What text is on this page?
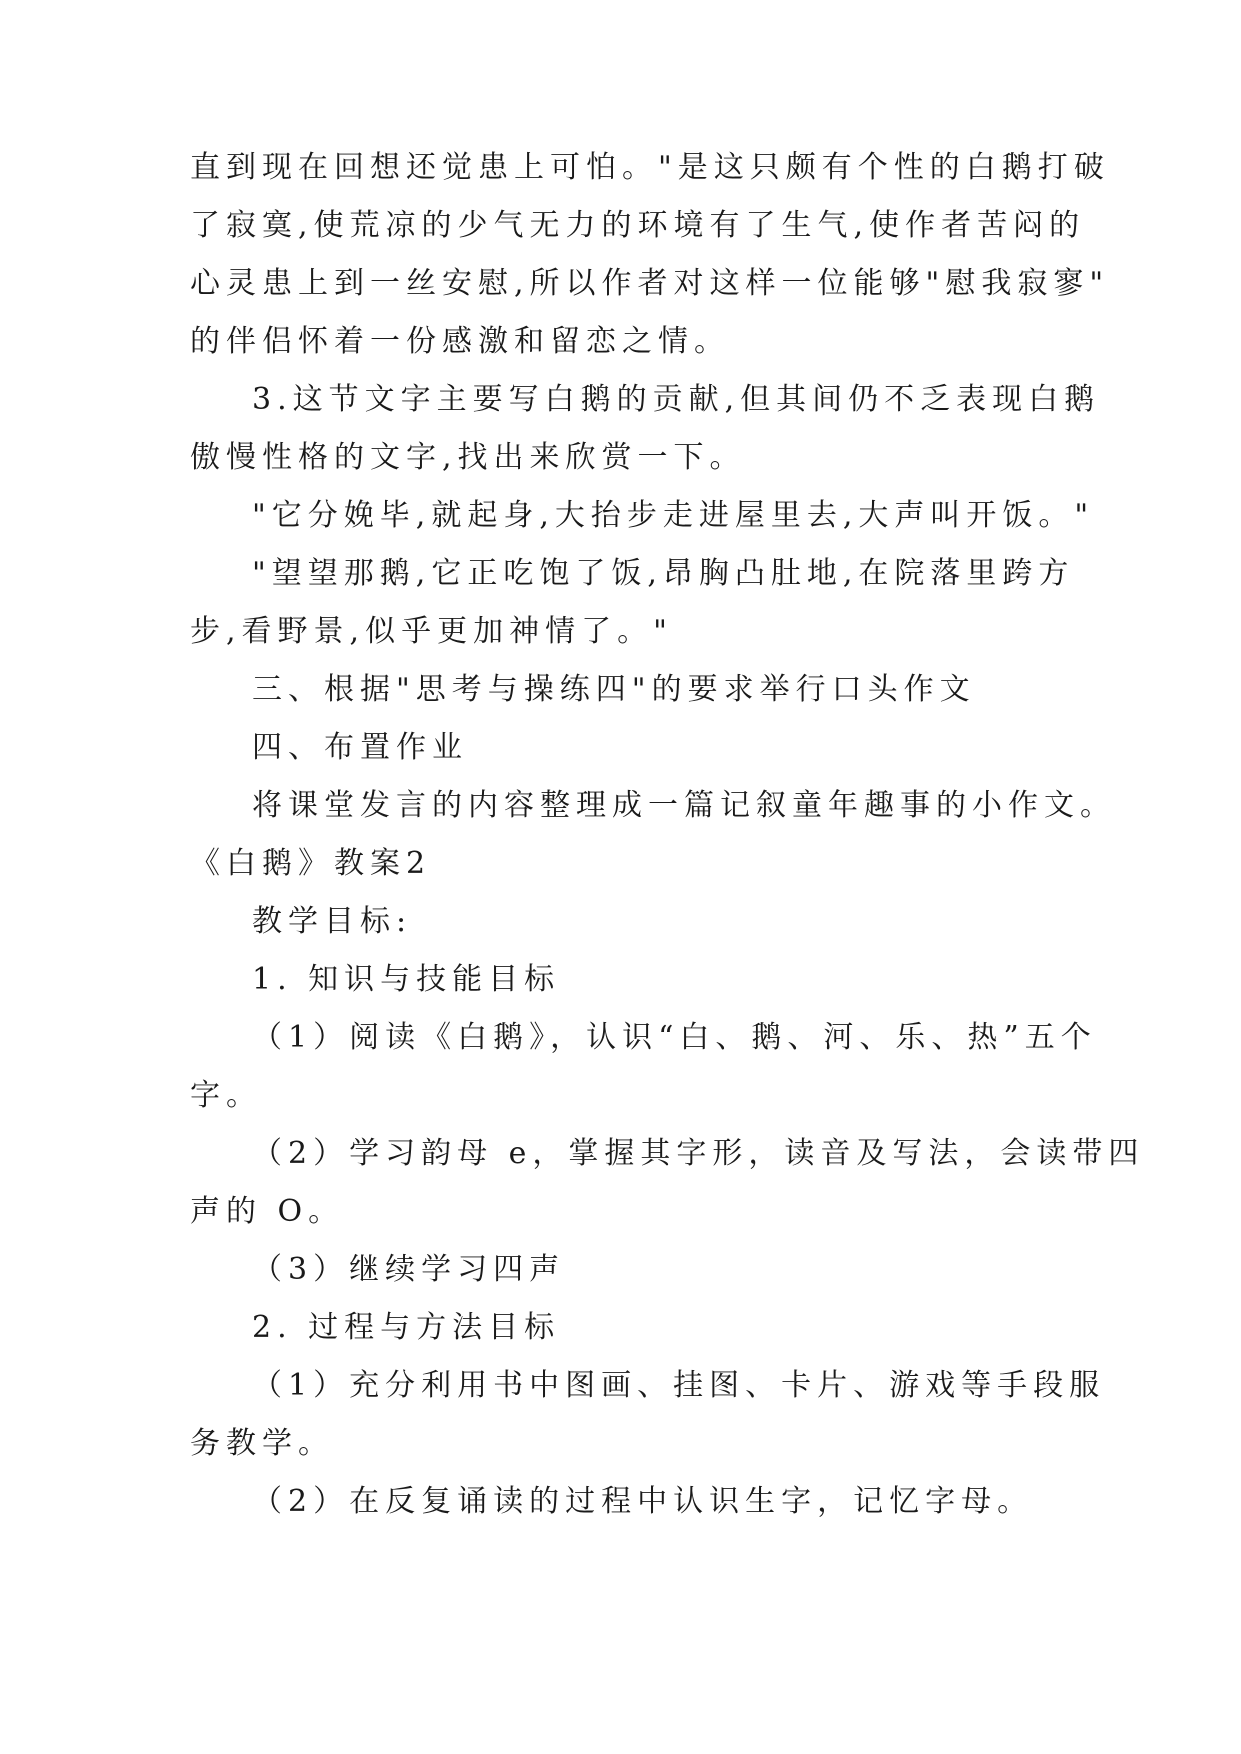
直到现在回想还觉患上可怕。"是这只颇有个性的白鹅打破
了寂寞,使荒凉的少气无力的环境有了生气,使作者苦闷的
心灵患上到一丝安慰,所以作者对这样一位能够"慰我寂寥"
的伴侣怀着一份感激和留恋之情。
3.这节文字主要写白鹅的贡献,但其间仍不乏表现白鹅
傲慢性格的文字,找出来欣赏一下。
"它分娩毕,就起身,大抬步走进屋里去,大声叫开饭。"
"望望那鹅,它正吃饱了饭,昂胸凸肚地,在院落里跨方
步,看野景,似乎更加神情了。"
三、根据"思考与操练四"的要求举行口头作文
四、布置作业
将课堂发言的内容整理成一篇记叙童年趣事的小作文。
《白鹅》教案2
教学目标:
1. 知识与技能目标
（1）阅读《白鹅》，认识“白、鹅、河、乐、热”五个
字。
（2）学习韵母 e，掌握其字形，读音及写法，会读带四
声的 O。
（3）继续学习四声
2. 过程与方法目标
（1）充分利用书中图画、挂图、卡片、游戏等手段服
务教学。
（2）在反复诵读的过程中认识生字，记忆字母。
